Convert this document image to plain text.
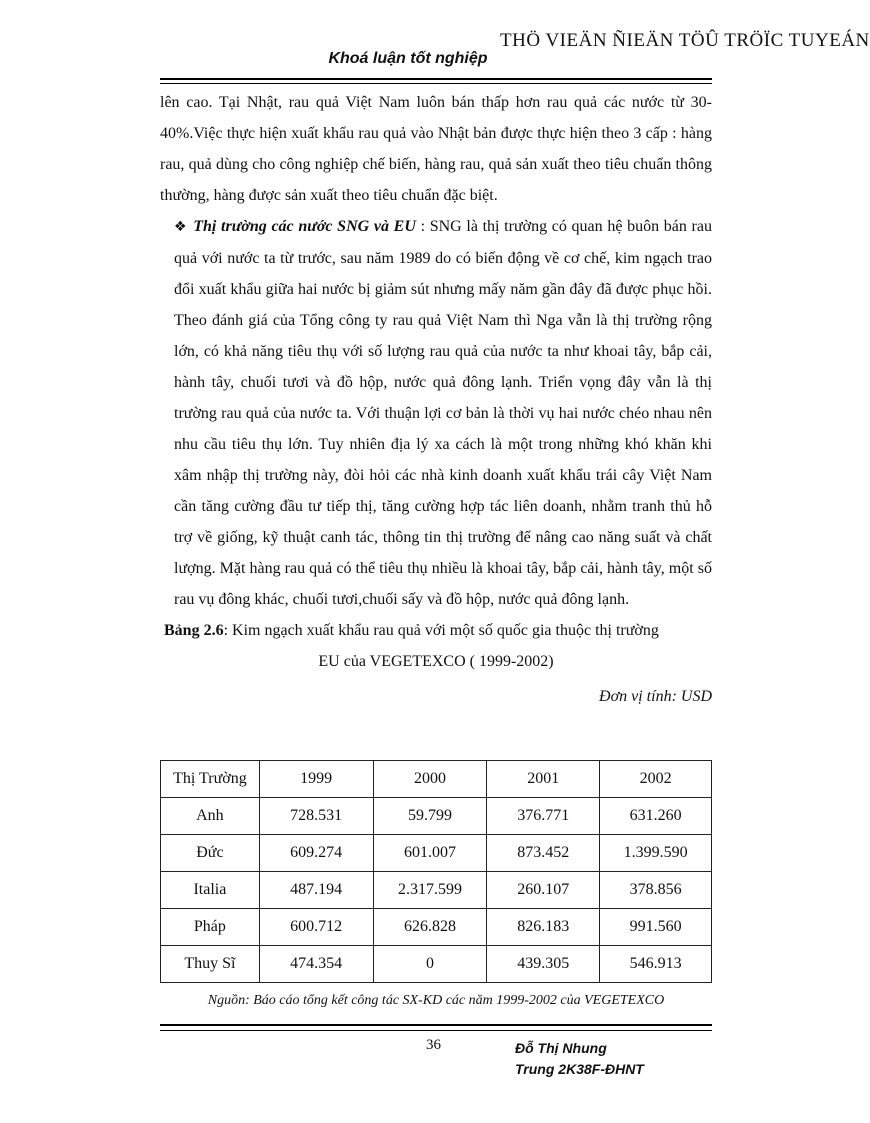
THÖ VIEÄN ÑIEÄN TÖÛ TRÖÏC TUYEÁN
Khoá luận tốt nghiệp

lên cao. Tại Nhật, rau quả Việt Nam luôn bán thấp hơn rau quả các nước từ 30-40%.Việc thực hiện xuất khẩu rau quả vào Nhật bản được thực hiện theo 3 cấp : hàng rau, quả dùng cho công nghiệp chế biến, hàng rau, quả sản xuất theo tiêu chuẩn thông thường, hàng được sản xuất theo tiêu chuẩn đặc biệt.

❖ Thị trường các nước SNG và EU : SNG là thị trường có quan hệ buôn bán rau quả với nước ta từ trước, sau năm 1989 do có biến động về cơ chế, kim ngạch trao đổi xuất khẩu giữa hai nước bị giảm sút nhưng mấy năm gần đây đã được phục hồi. Theo đánh giá của Tổng công ty rau quả Việt Nam thì Nga vẫn là thị trường rộng lớn, có khả năng tiêu thụ với số lượng rau quả của nước ta như khoai tây, bắp cải, hành tây, chuối tươi và đồ hộp, nước quả đông lạnh. Triển vọng đây vẫn là thị trường rau quả của nước ta. Với thuận lợi cơ bản là thời vụ hai nước chéo nhau nên nhu cầu tiêu thụ lớn. Tuy nhiên địa lý xa cách là một trong những khó khăn khi xâm nhập thị trường này, đòi hỏi các nhà kinh doanh xuất khẩu trái cây Việt Nam cần tăng cường đầu tư tiếp thị, tăng cường hợp tác liên doanh, nhằm tranh thủ hỗ trợ về giống, kỹ thuật canh tác, thông tin thị trường để nâng cao năng suất và chất lượng. Mặt hàng rau quả có thể tiêu thụ nhiều là khoai tây, bắp cải, hành tây, một số rau vụ đông khác, chuối tươi,chuối sấy và đồ hộp, nước quả đông lạnh.

Bảng 2.6: Kim ngạch xuất khẩu rau quả với một số quốc gia thuộc thị trường

EU của VEGETEXCO ( 1999-2002)

Đơn vị tính: USD

Thị Trường	1999	2000	2001	2002
Anh	728.531	59.799	376.771	631.260
Đức	609.274	601.007	873.452	1.399.590
Italia	487.194	2.317.599	260.107	378.856
Pháp	600.712	626.828	826.183	991.560
Thuy Sĩ	474.354	0	439.305	546.913
Nguồn: Báo cáo tổng kết công tác SX-KD các năm 1999-2002 của VEGETEXCO
36	Đỗ Thị Nhung
Trung 2K38F-ĐHNT
